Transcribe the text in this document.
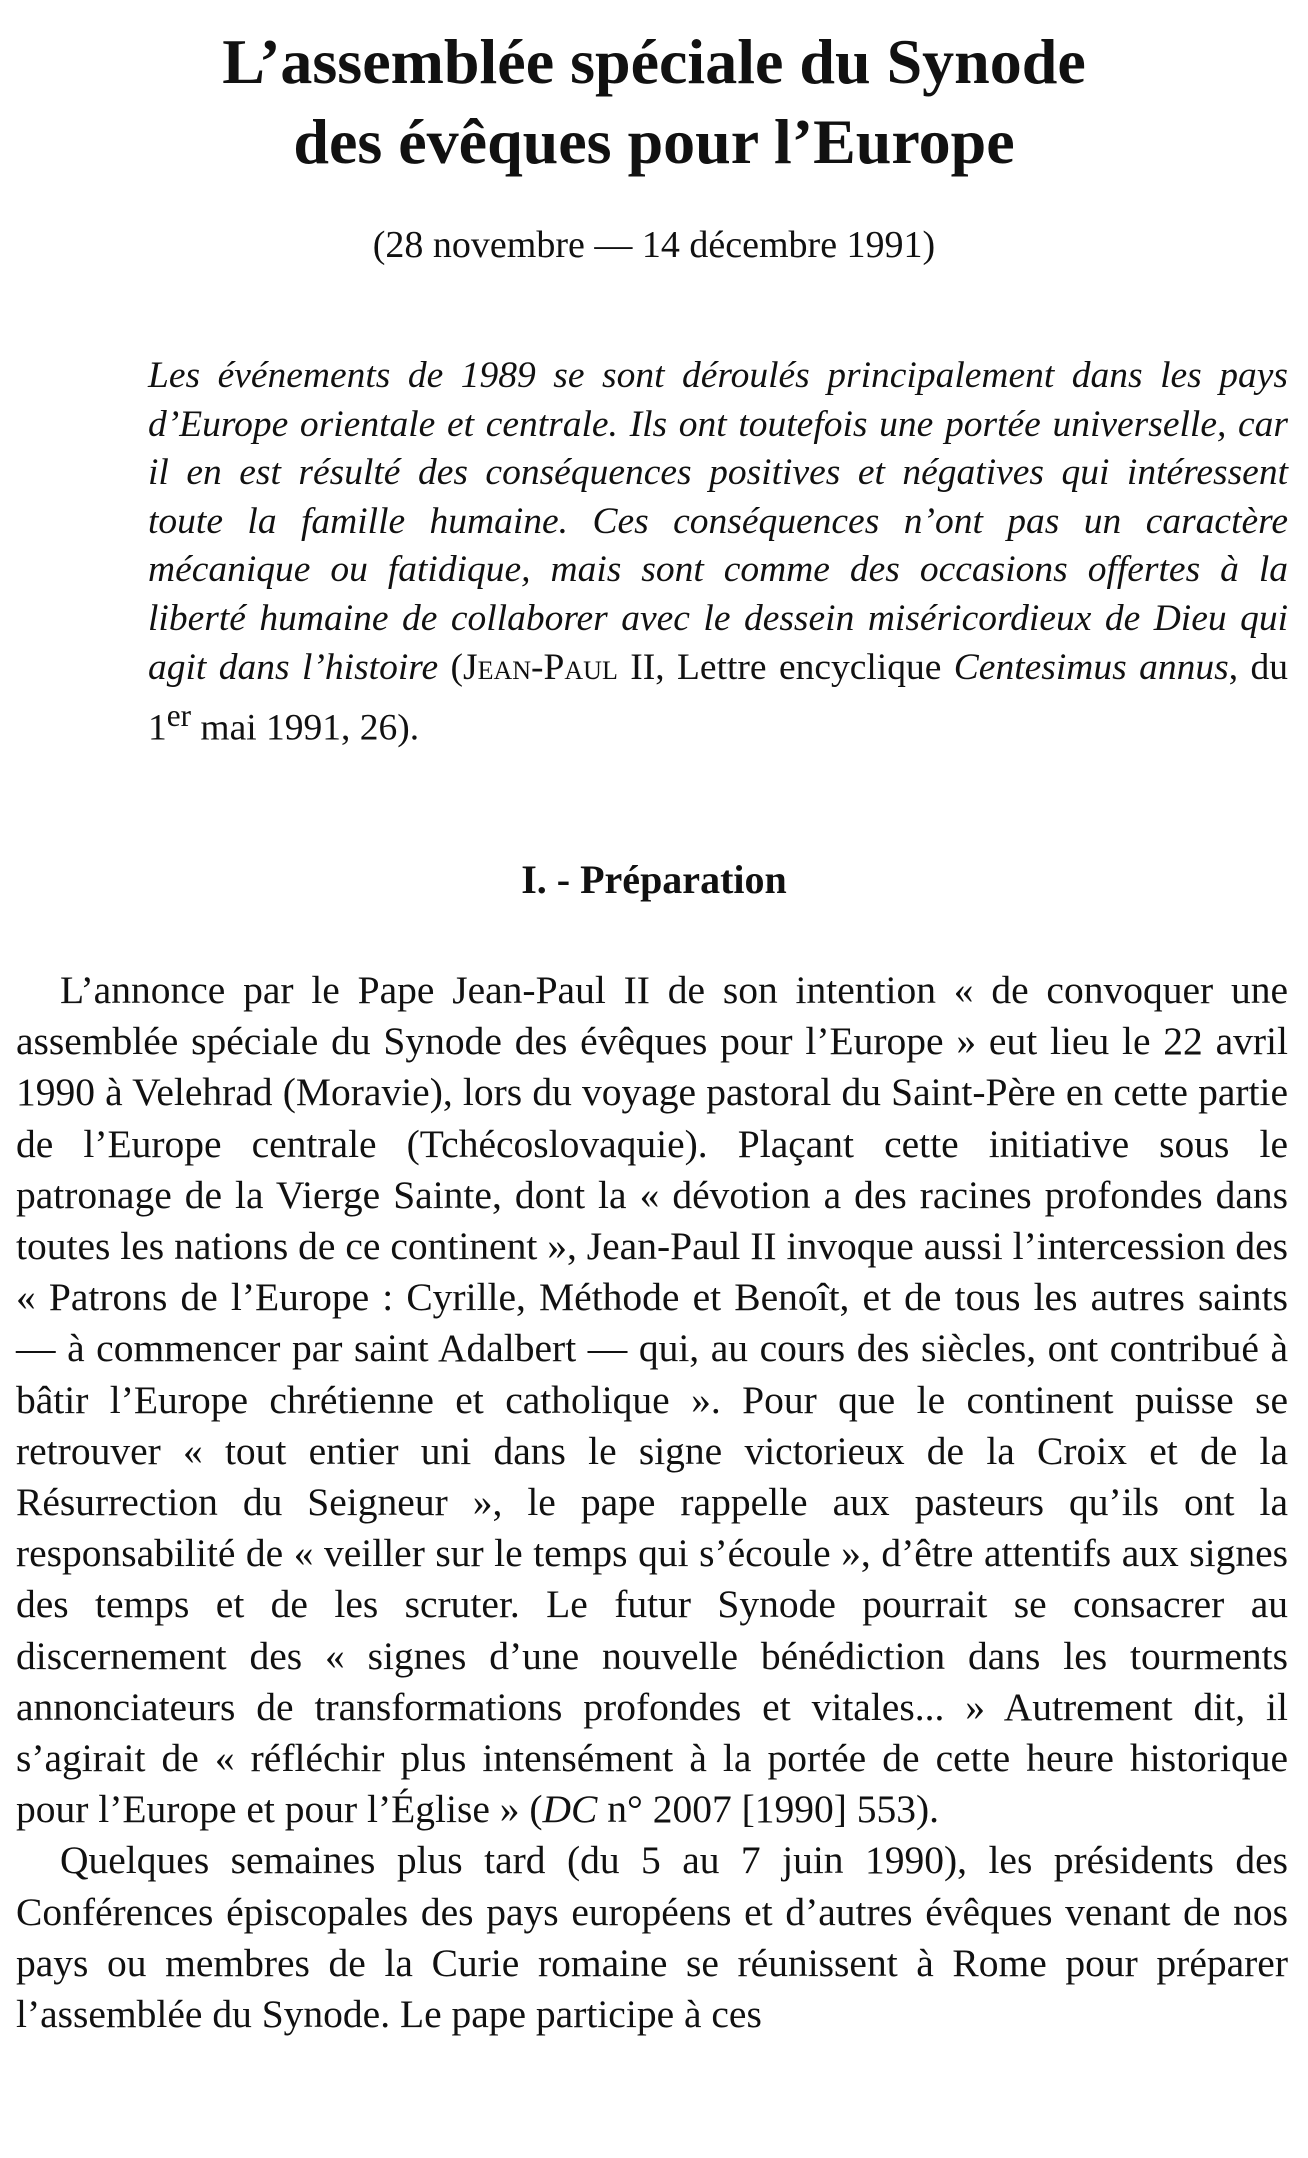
L’assemblée spéciale du Synode
des évêques pour l’Europe
(28 novembre — 14 décembre 1991)

Les événements de 1989 se sont déroulés principalement dans les pays d’Europe orientale et centrale. Ils ont toutefois une portée universelle, car il en est résulté des conséquences positives et négatives qui intéressent toute la famille humaine. Ces conséquences n’ont pas un caractère mécanique ou fatidique, mais sont comme des occasions offertes à la liberté humaine de collaborer avec le dessein miséricordieux de Dieu qui agit dans l’histoire (Jean-Paul II, Lettre encyclique Centesimus annus, du 1er mai 1991, 26).

I. - Préparation

L’annonce par le Pape Jean-Paul II de son intention « de convoquer une assemblée spéciale du Synode des évêques pour l’Europe » eut lieu le 22 avril 1990 à Velehrad (Moravie), lors du voyage pastoral du Saint-Père en cette partie de l’Europe centrale (Tchécoslovaquie). Plaçant cette initiative sous le patronage de la Vierge Sainte, dont la « dévotion a des racines profondes dans toutes les nations de ce continent », Jean-Paul II invoque aussi l’intercession des « Patrons de l’Europe : Cyrille, Méthode et Benoît, et de tous les autres saints — à commencer par saint Adalbert — qui, au cours des siècles, ont contribué à bâtir l’Europe chrétienne et catholique ». Pour que le continent puisse se retrouver « tout entier uni dans le signe victorieux de la Croix et de la Résurrection du Seigneur », le pape rappelle aux pasteurs qu’ils ont la responsabilité de « veiller sur le temps qui s’écoule », d’être attentifs aux signes des temps et de les scruter. Le futur Synode pourrait se consacrer au discernement des « signes d’une nouvelle bénédiction dans les tourments annonciateurs de transformations profondes et vitales... » Autrement dit, il s’agirait de « réfléchir plus intensément à la portée de cette heure historique pour l’Europe et pour l’Église » (DC n° 2007 [1990] 553).

Quelques semaines plus tard (du 5 au 7 juin 1990), les présidents des Conférences épiscopales des pays européens et d’autres évêques venant de nos pays ou membres de la Curie romaine se réunissent à Rome pour préparer l’assemblée du Synode. Le pape participe à ces
